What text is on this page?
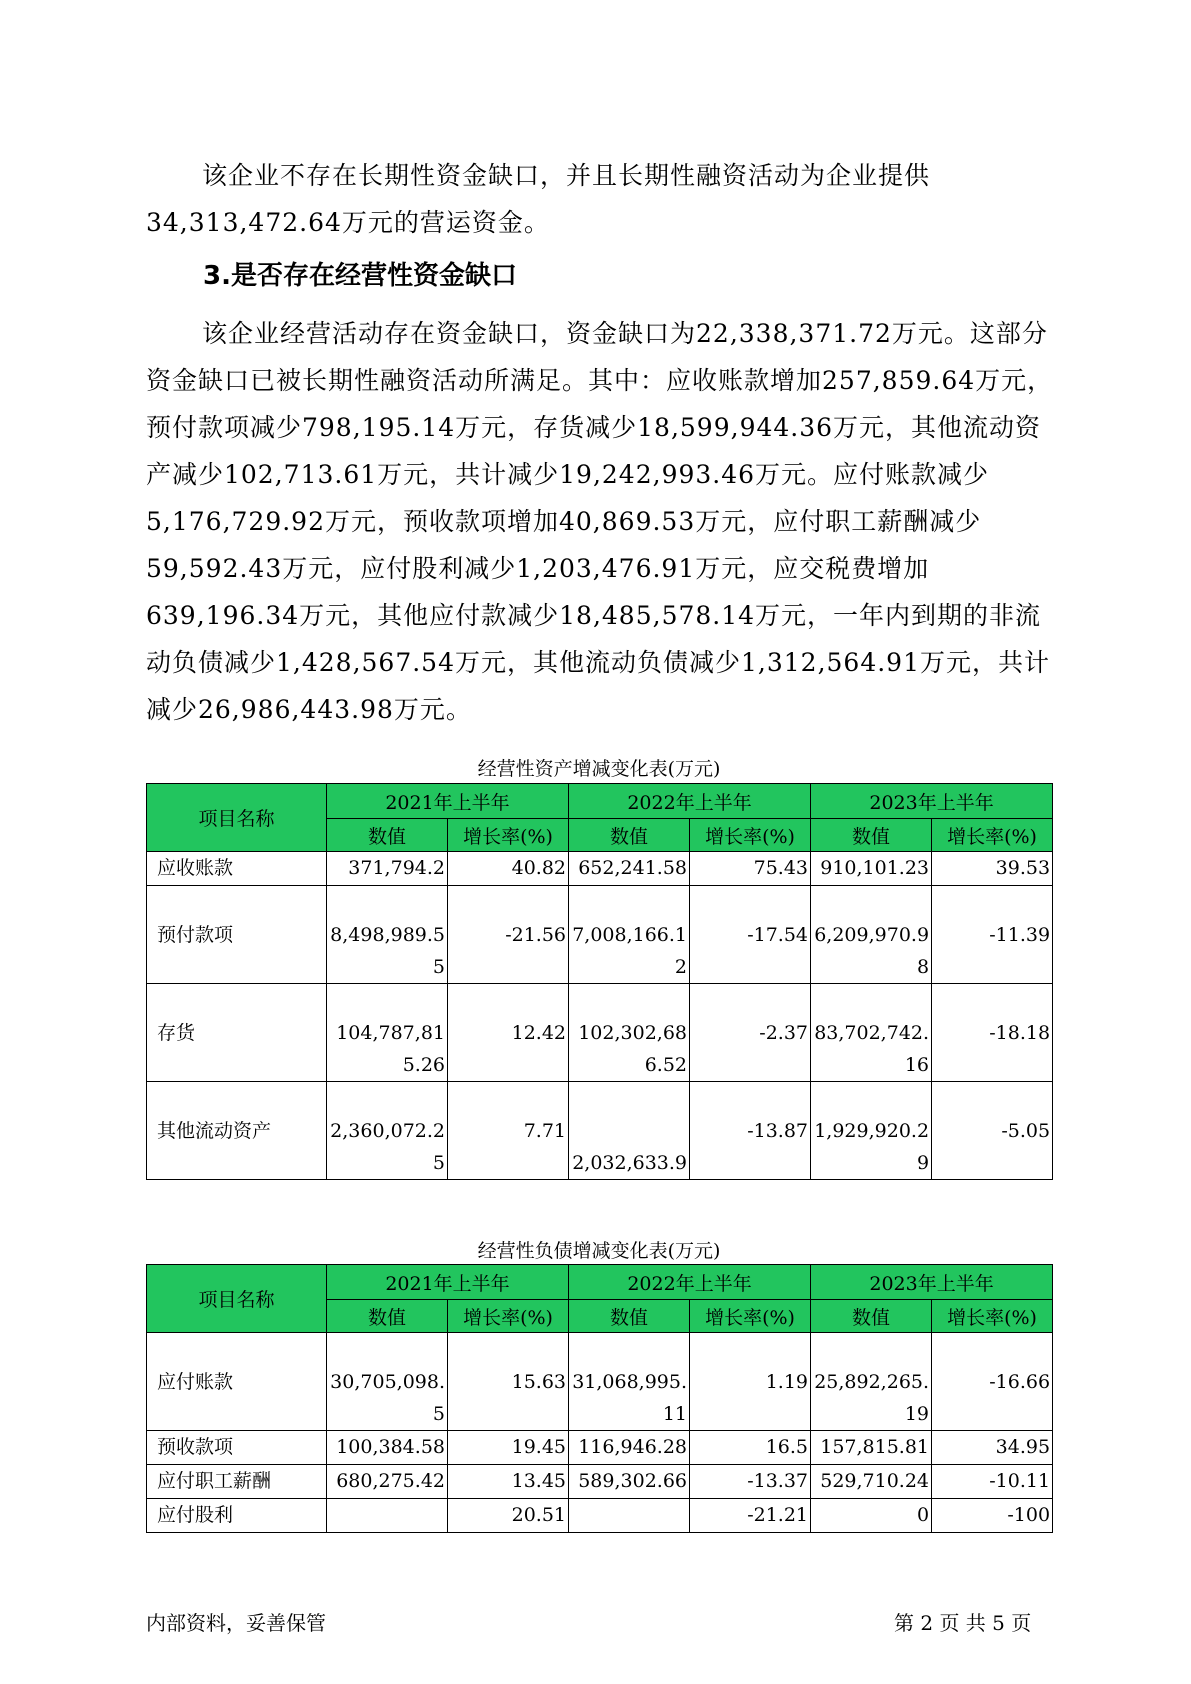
该企业不存在长期性资金缺口，并且长期性融资活动为企业提供34,313,472.64万元的营运资金。

3.是否存在经营性资金缺口

该企业经营活动存在资金缺口，资金缺口为22,338,371.72万元。这部分资金缺口已被长期性融资活动所满足。其中：应收账款增加257,859.64万元，预付款项减少798,195.14万元，存货减少18,599,944.36万元，其他流动资产减少102,713.61万元，共计减少19,242,993.46万元。应付账款减少5,176,729.92万元，预收款项增加40,869.53万元，应付职工薪酬减少59,592.43万元，应付股利减少1,203,476.91万元，应交税费增加639,196.34万元，其他应付款减少18,485,578.14万元，一年内到期的非流动负债减少1,428,567.54万元，其他流动负债减少1,312,564.91万元，共计减少26,986,443.98万元。

经营性资产增减变化表(万元)

项目名称	2021年上半年		2022年上半年		2023年上半年	
	数值	增长率(%)	数值	增长率(%)	数值	增长率(%)
应收账款	371,794.2	40.82	652,241.58	75.43	910,101.23	39.53
预付款项	8,498,989.55	-21.56	7,008,166.12	-17.54	6,209,970.98	-11.39
存货	104,787,815.26	12.42	102,302,686.52	-2.37	83,702,742.16	-18.18
其他流动资产	2,360,072.25	7.71	2,032,633.9	-13.87	1,929,920.29	-5.05

经营性负债增减变化表(万元)

项目名称	2021年上半年		2022年上半年		2023年上半年	
	数值	增长率(%)	数值	增长率(%)	数值	增长率(%)
应付账款	30,705,098.5	15.63	31,068,995.11	1.19	25,892,265.19	-16.66
预收款项	100,384.58	19.45	116,946.28	16.5	157,815.81	34.95
应付职工薪酬	680,275.42	13.45	589,302.66	-13.37	529,710.24	-10.11
应付股利		20.51		-21.21	0	-100

内部资料，妥善保管	第 2 页 共 5 页
